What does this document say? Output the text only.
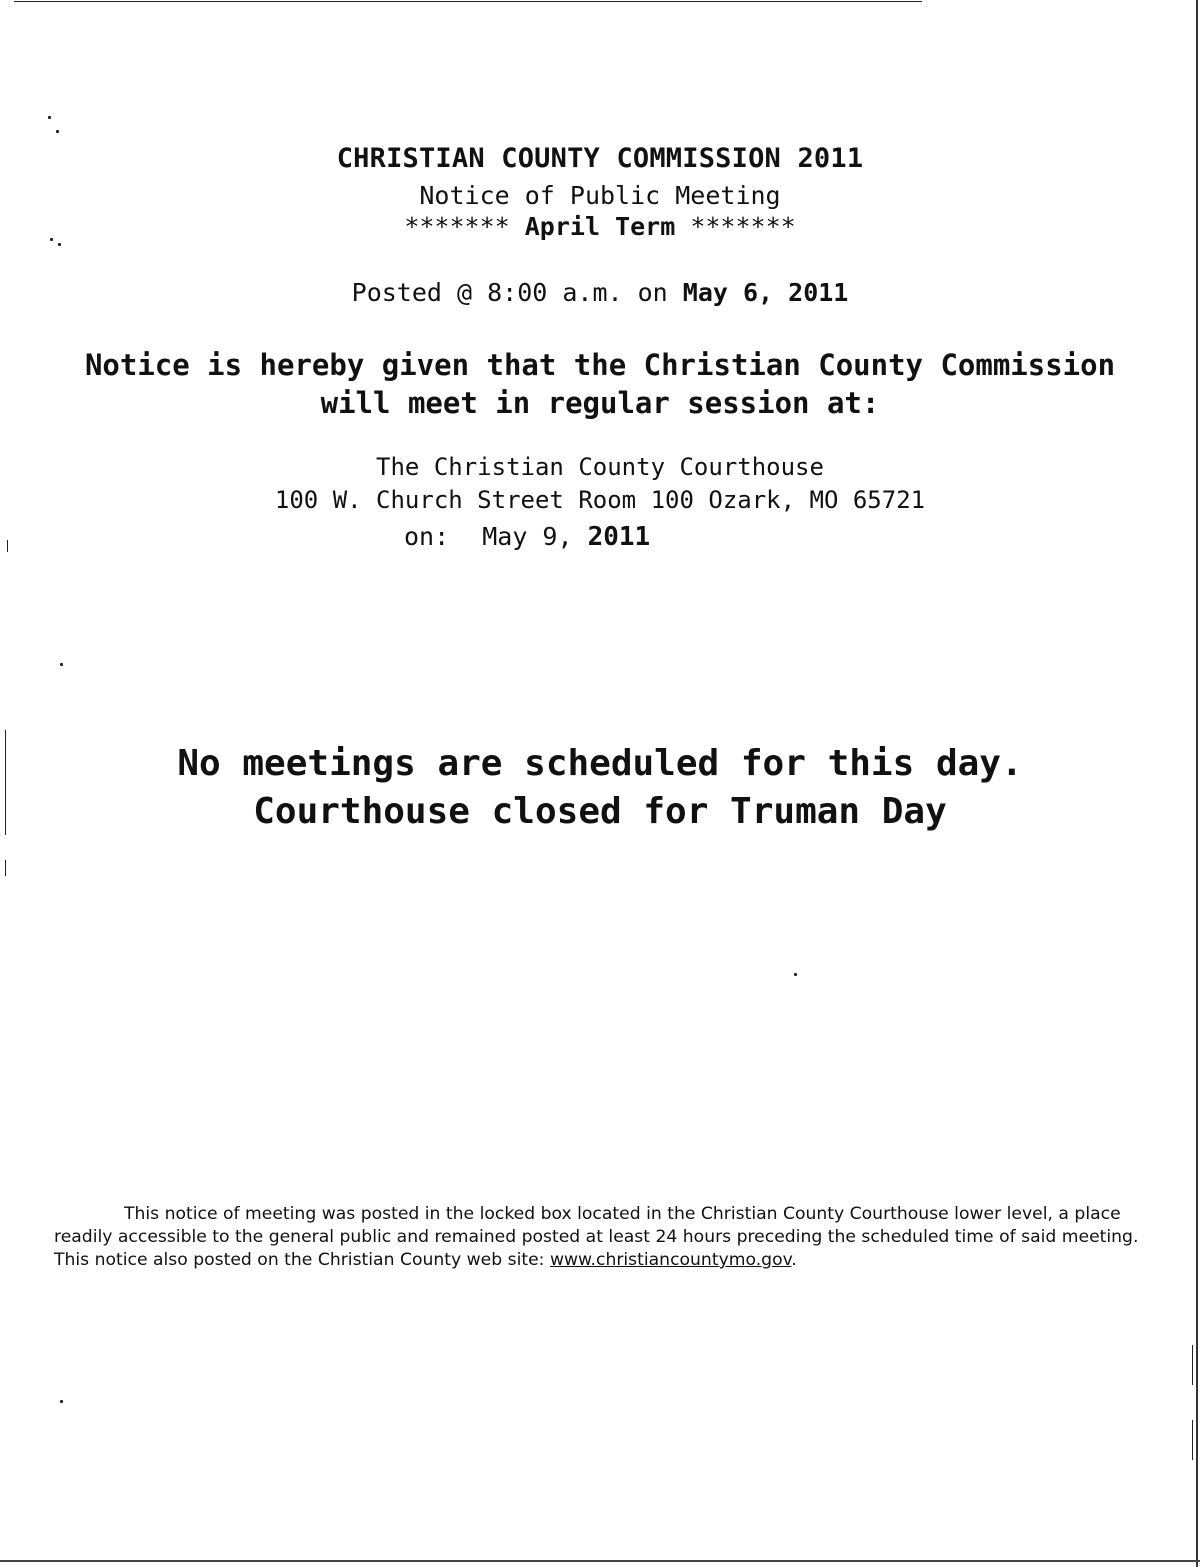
CHRISTIAN COUNTY COMMISSION 2011
Notice of Public Meeting
******* April Term *******
Posted @ 8:00 a.m. on May 6, 2011
Notice is hereby given that the Christian County Commission
will meet in regular session at:
The Christian County Courthouse
100 W. Church Street Room 100 Ozark, MO 65721
on: May 9, 2011
No meetings are scheduled for this day.
Courthouse closed for Truman Day
This notice of meeting was posted in the locked box located in the Christian County Courthouse lower level, a place readily accessible to the general public and remained posted at least 24 hours preceding the scheduled time of said meeting. This notice also posted on the Christian County web site: www.christiancountymo.gov.
